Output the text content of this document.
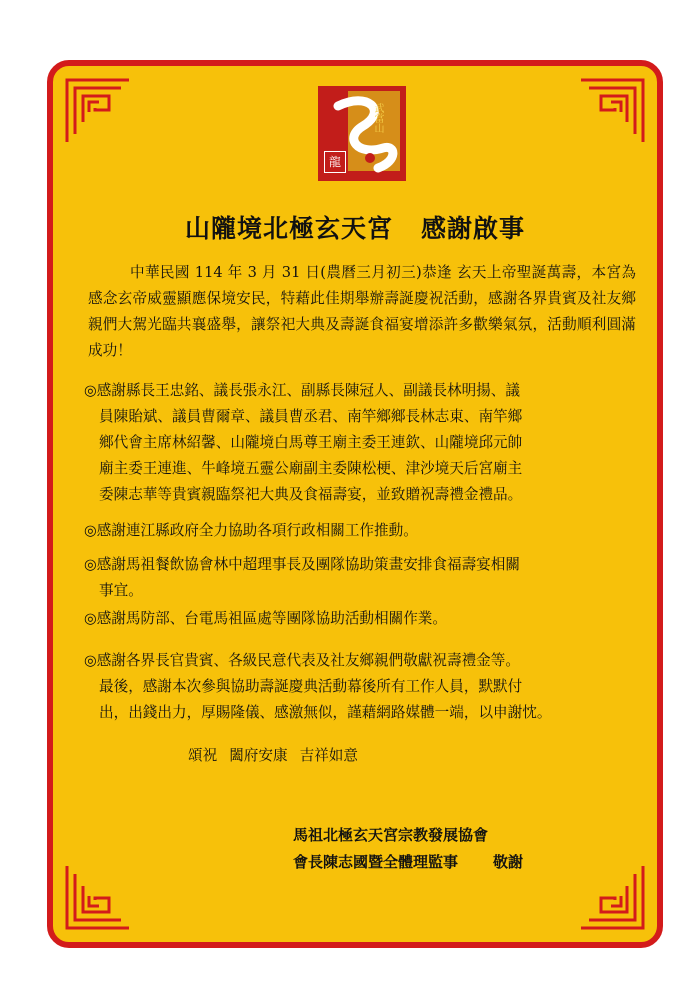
武當山
龍
山隴境北極玄天宮 感謝啟事
中華民國 114 年 3 月 31 日(農曆三月初三)恭逢 玄天上帝聖誕萬壽，本宮為感念玄帝威靈顯應保境安民，特藉此佳期舉辦壽誕慶祝活動，感謝各界貴賓及社友鄉親們大駕光臨共襄盛舉，讓祭祀大典及壽誕食福宴增添許多歡樂氣氛，活動順利圓滿成功！
◎感謝縣長王忠銘、議長張永江、副縣長陳冠人、副議長林明揚、議
員陳貽斌、議員曹爾章、議員曹丞君、南竿鄉鄉長林志東、南竿鄉
鄉代會主席林紹馨、山隴境白馬尊王廟主委王連欽、山隴境邱元帥
廟主委王連進、牛峰境五靈公廟副主委陳松梗、津沙境天后宮廟主
委陳志華等貴賓親臨祭祀大典及食福壽宴，並致贈祝壽禮金禮品。
◎感謝連江縣政府全力協助各項行政相關工作推動。
◎感謝馬祖餐飲協會林中超理事長及團隊協助策畫安排食福壽宴相關
事宜。
◎感謝馬防部、台電馬祖區處等團隊協助活動相關作業。
◎感謝各界長官貴賓、各級民意代表及社友鄉親們敬獻祝壽禮金等。
最後，感謝本次參與協助壽誕慶典活動幕後所有工作人員，默默付
出，出錢出力，厚賜隆儀、感激無似，謹藉網路媒體一端，以申謝忱。
頌祝 闔府安康 吉祥如意
馬祖北極玄天宮宗教發展協會
會長陳志國暨全體理監事 敬謝
